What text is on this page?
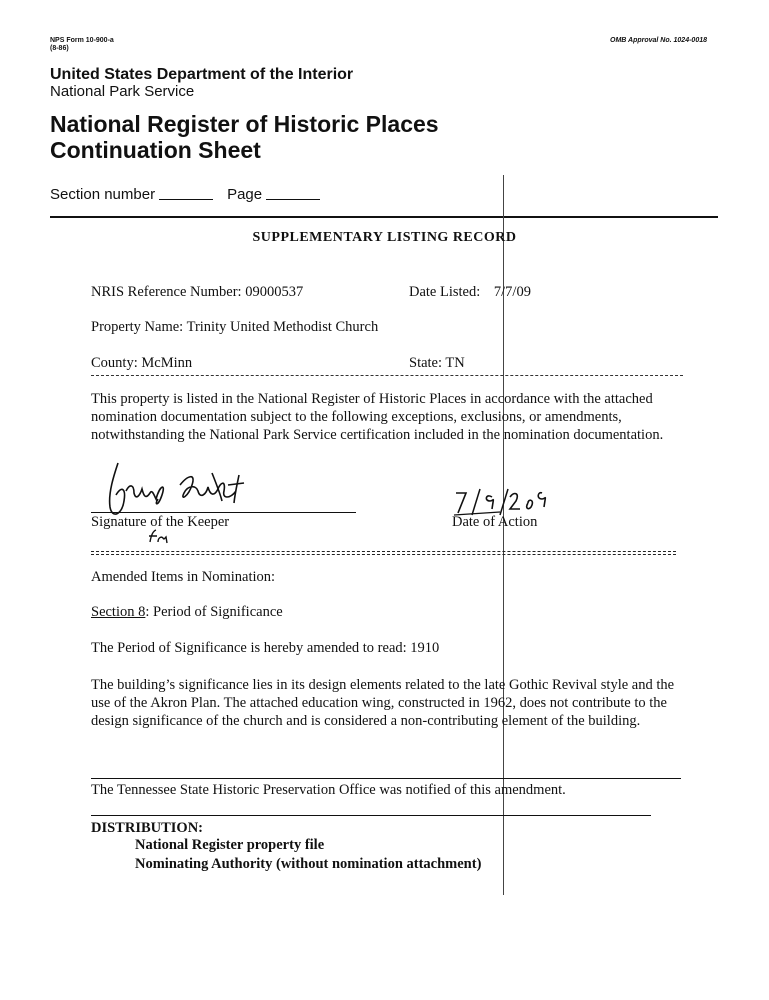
NPS Form 10-900-a
(8-86)
OMB Approval No. 1024-0018
United States Department of the Interior
National Park Service
National Register of Historic Places
Continuation Sheet
Section number	Page
SUPPLEMENTARY LISTING RECORD
NRIS Reference Number: 09000537	Date Listed: 7/7/09
Property Name: Trinity United Methodist Church
County: McMinn	State: TN
This property is listed in the National Register of Historic Places in accordance with the attached nomination documentation subject to the following exceptions, exclusions, or amendments, notwithstanding the National Park Service certification included in the nomination documentation.
Signature of the Keeper	Date of Action
Amended Items in Nomination:
Section 8: Period of Significance
The Period of Significance is hereby amended to read: 1910
The building’s significance lies in its design elements related to the late Gothic Revival style and the use of the Akron Plan. The attached education wing, constructed in 1962, does not contribute to the design significance of the church and is considered a non-contributing element of the building.
The Tennessee State Historic Preservation Office was notified of this amendment.
DISTRIBUTION:
National Register property file
Nominating Authority (without nomination attachment)
